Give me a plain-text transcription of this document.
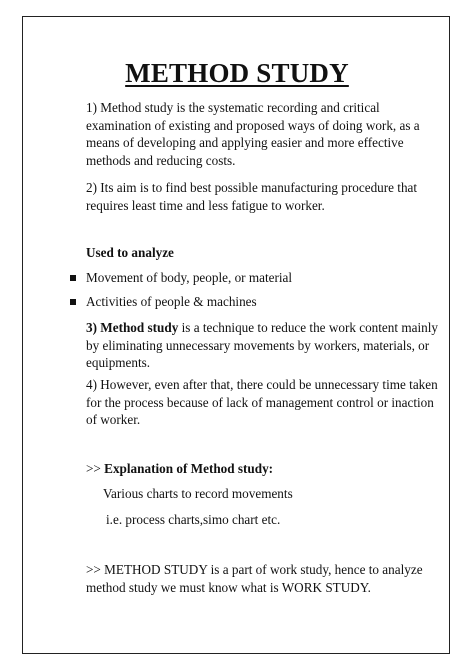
METHOD STUDY

1) Method study is the systematic recording and critical examination of existing and proposed ways of doing work, as a means of developing and applying easier and more effective methods and reducing costs.

2) Its aim is to find best possible manufacturing procedure that requires least time and less fatigue to worker.

Used to analyze

Movement of body, people, or material
Activities of people & machines

3) Method study is a technique to reduce the work content mainly by eliminating unnecessary movements by workers, materials, or equipments.

4) However, even after that, there could be unnecessary time taken for the process because of lack of management control or inaction of worker.

>> Explanation of Method study:

Various charts to record movements

i.e. process charts,simo chart etc.

>> METHOD STUDY is a part of work study, hence to analyze method study we must know what is WORK STUDY.
